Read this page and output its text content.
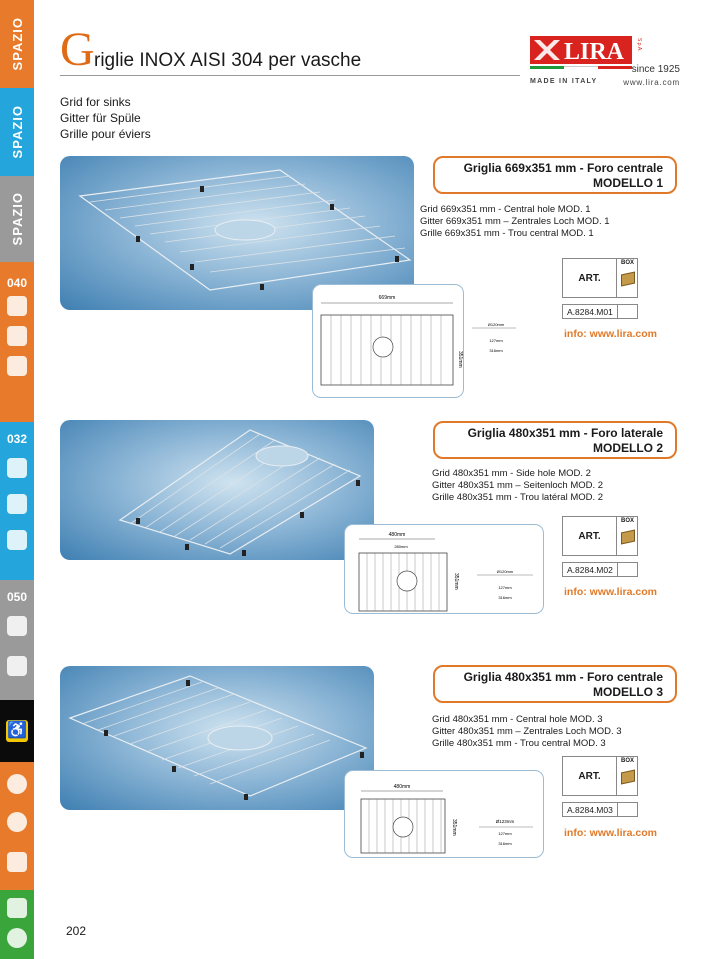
SPAZIO
SPAZIO
SPAZIO
040
032
050
♿
G riglie INOX AISI 304 per vasche	LIRA S.p.A.
since 1925
MADE IN ITALY	www.lira.com
Grid for sinks
Gitter für Spüle
Grille pour éviers
669mm
351mm
Ø120mm
127mm
316mm
Griglia 669x351 mm - Foro centrale
MODELLO 1
Grid 669x351 mm - Central hole MOD. 1
Gitter 669x351 mm – Zentrales Loch MOD. 1
Grille 669x351 mm - Trou central MOD. 1
ART.
BOX
A.8284.M01
info: www.lira.com
480mm
280mm
351mm
Ø120mm
127mm
316mm
Griglia 480x351 mm - Foro laterale
MODELLO 2
Grid 480x351 mm - Side hole MOD. 2
Gitter 480x351 mm – Seitenloch MOD. 2
Grille 480x351 mm - Trou latéral MOD. 2
ART.
BOX
A.8284.M02
info: www.lira.com
480mm
351mm	Ø123mm
127mm
316mm
Griglia 480x351 mm - Foro centrale
MODELLO 3
Grid 480x351 mm - Central hole MOD. 3
Gitter 480x351 mm – Zentrales Loch MOD. 3
Grille 480x351 mm - Trou central MOD. 3
ART.
BOX
A.8284.M03
info: www.lira.com
202
